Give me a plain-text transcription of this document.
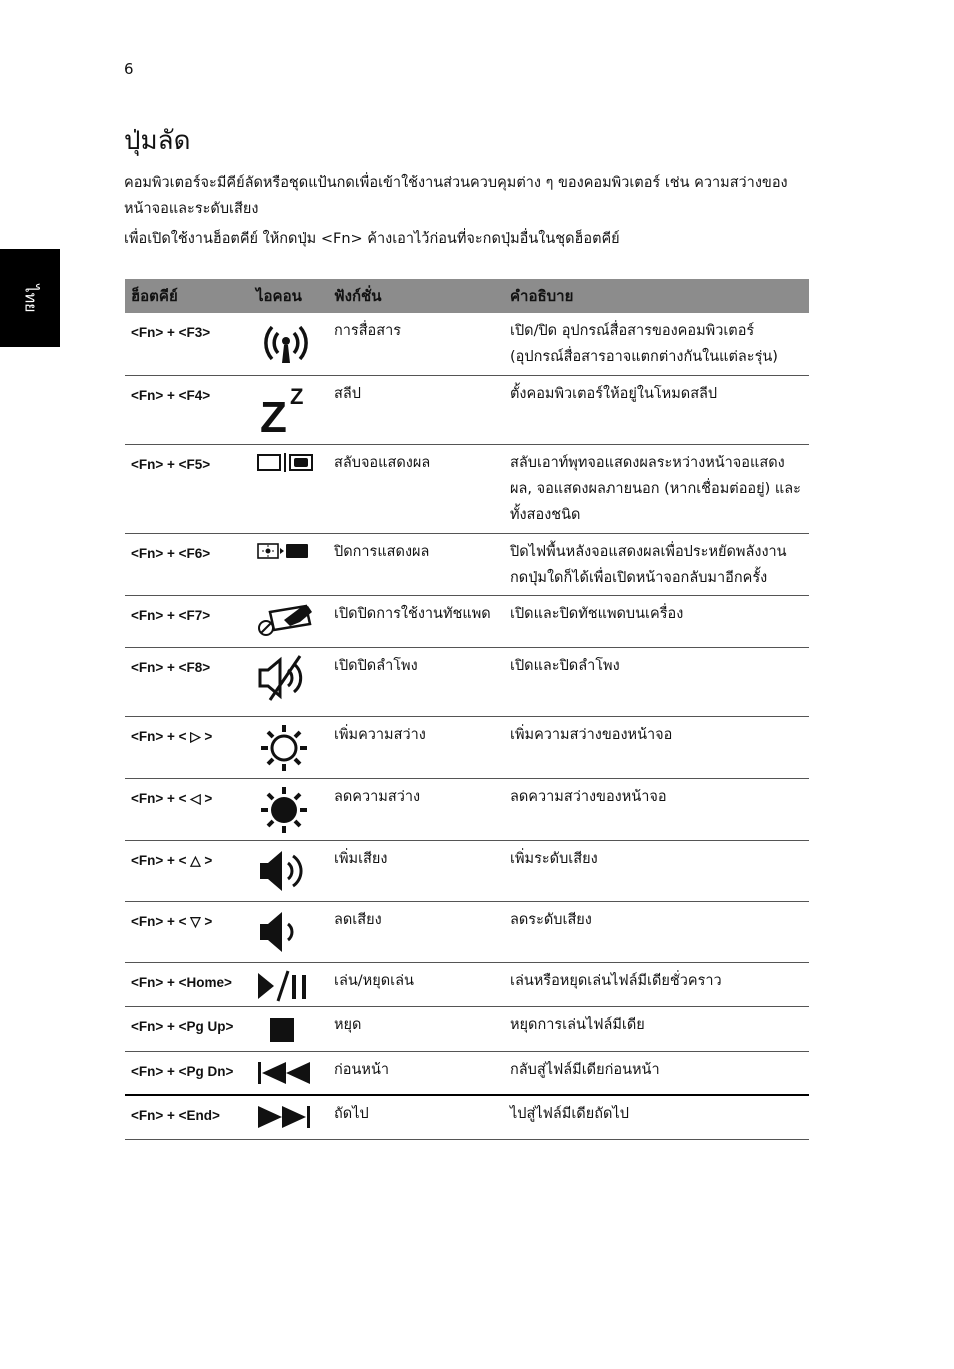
6
ไทย
ปุ่มลัด

คอมพิวเตอร์จะมีคีย์ลัดหรือชุดแป้นกดเพื่อเข้าใช้งานส่วนควบคุมต่าง ๆ ของคอมพิวเตอร์ เช่น ความสว่างของหน้าจอและระดับเสียง

เพื่อเปิดใช้งานฮ็อตคีย์ ให้กดปุ่ม <Fn> ค้างเอาไว้ก่อนที่จะกดปุ่มอื่นในชุดฮ็อตคีย์

ฮ็อตคีย์	ไอคอน	ฟังก์ชั่น	คำอธิบาย
<Fn> + <F3>		การสื่อสาร	เปิด/ปิด อุปกรณ์สื่อสารของคอมพิวเตอร์ (อุปกรณ์สื่อสารอาจแตกต่างกันในแต่ละรุ่น)
<Fn> + <F4>	Z Z	สลีป	ตั้งคอมพิวเตอร์ให้อยู่ในโหมดสลีป
<Fn> + <F5>		สลับจอแสดงผล	สลับเอาท์พุทจอแสดงผลระหว่างหน้าจอแสดงผล, จอแสดงผลภายนอก (หากเชื่อมต่ออยู่) และทั้งสองชนิด
<Fn> + <F6>		ปิดการแสดงผล	ปิดไฟพื้นหลังจอแสดงผลเพื่อประหยัดพลังงาน กดปุ่มใดก็ได้เพื่อเปิดหน้าจอกลับมาอีกครั้ง
<Fn> + <F7>		เปิดปิดการใช้งานทัชแพด	เปิดและปิดทัชแพดบนเครื่อง
<Fn> + <F8>		เปิดปิดลำโพง	เปิดและปิดลำโพง
<Fn> + < ▷ >		เพิ่มความสว่าง	เพิ่มความสว่างของหน้าจอ
<Fn> + < ◁ >		ลดความสว่าง	ลดความสว่างของหน้าจอ
<Fn> + < △ >		เพิ่มเสียง	เพิ่มระดับเสียง
<Fn> + < ▽ >		ลดเสียง	ลดระดับเสียง
<Fn> + <Home>		เล่น/หยุดเล่น	เล่นหรือหยุดเล่นไฟล์มีเดียชั่วคราว
<Fn> + <Pg Up>		หยุด	หยุดการเล่นไฟล์มีเดีย
<Fn> + <Pg Dn>		ก่อนหน้า	กลับสู่ไฟล์มีเดียก่อนหน้า
<Fn> + <End>		ถัดไป	ไปสู่ไฟล์มีเดียถัดไป
